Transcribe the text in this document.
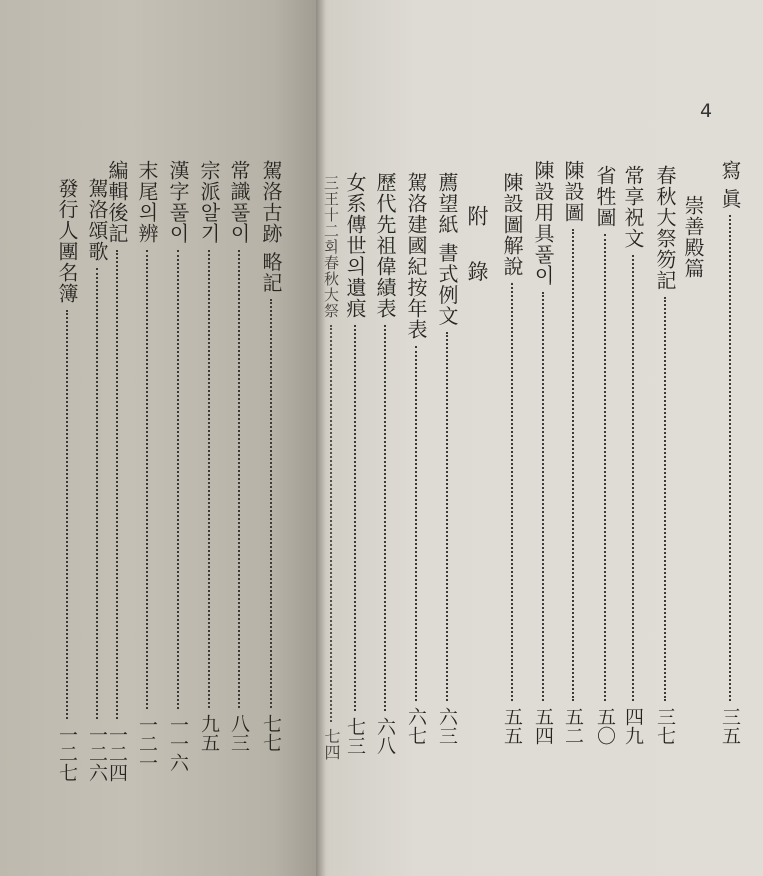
4
寫 眞
三五
崇善殿篇
春秋大祭笏記
三七
常享祝文
四九
省牲圖
五〇
陳設圖
五二
陳設用具풀이
五四
陳設圖解說
五五
附 錄
薦望紙 書式例文
六三
駕洛建國紀按年表
六七
歷代先祖偉績表
六八
女系傳世의遺痕
七三
三王十二회春秋大祭
七四
駕洛古跡 略記
七七
常識풀이
八三
宗派알기
九五
漢字풀이
一一六
末尾의辨
一二一
編輯後記
一二四
駕洛頌歌
一二六
發行人團名簿
一二七
